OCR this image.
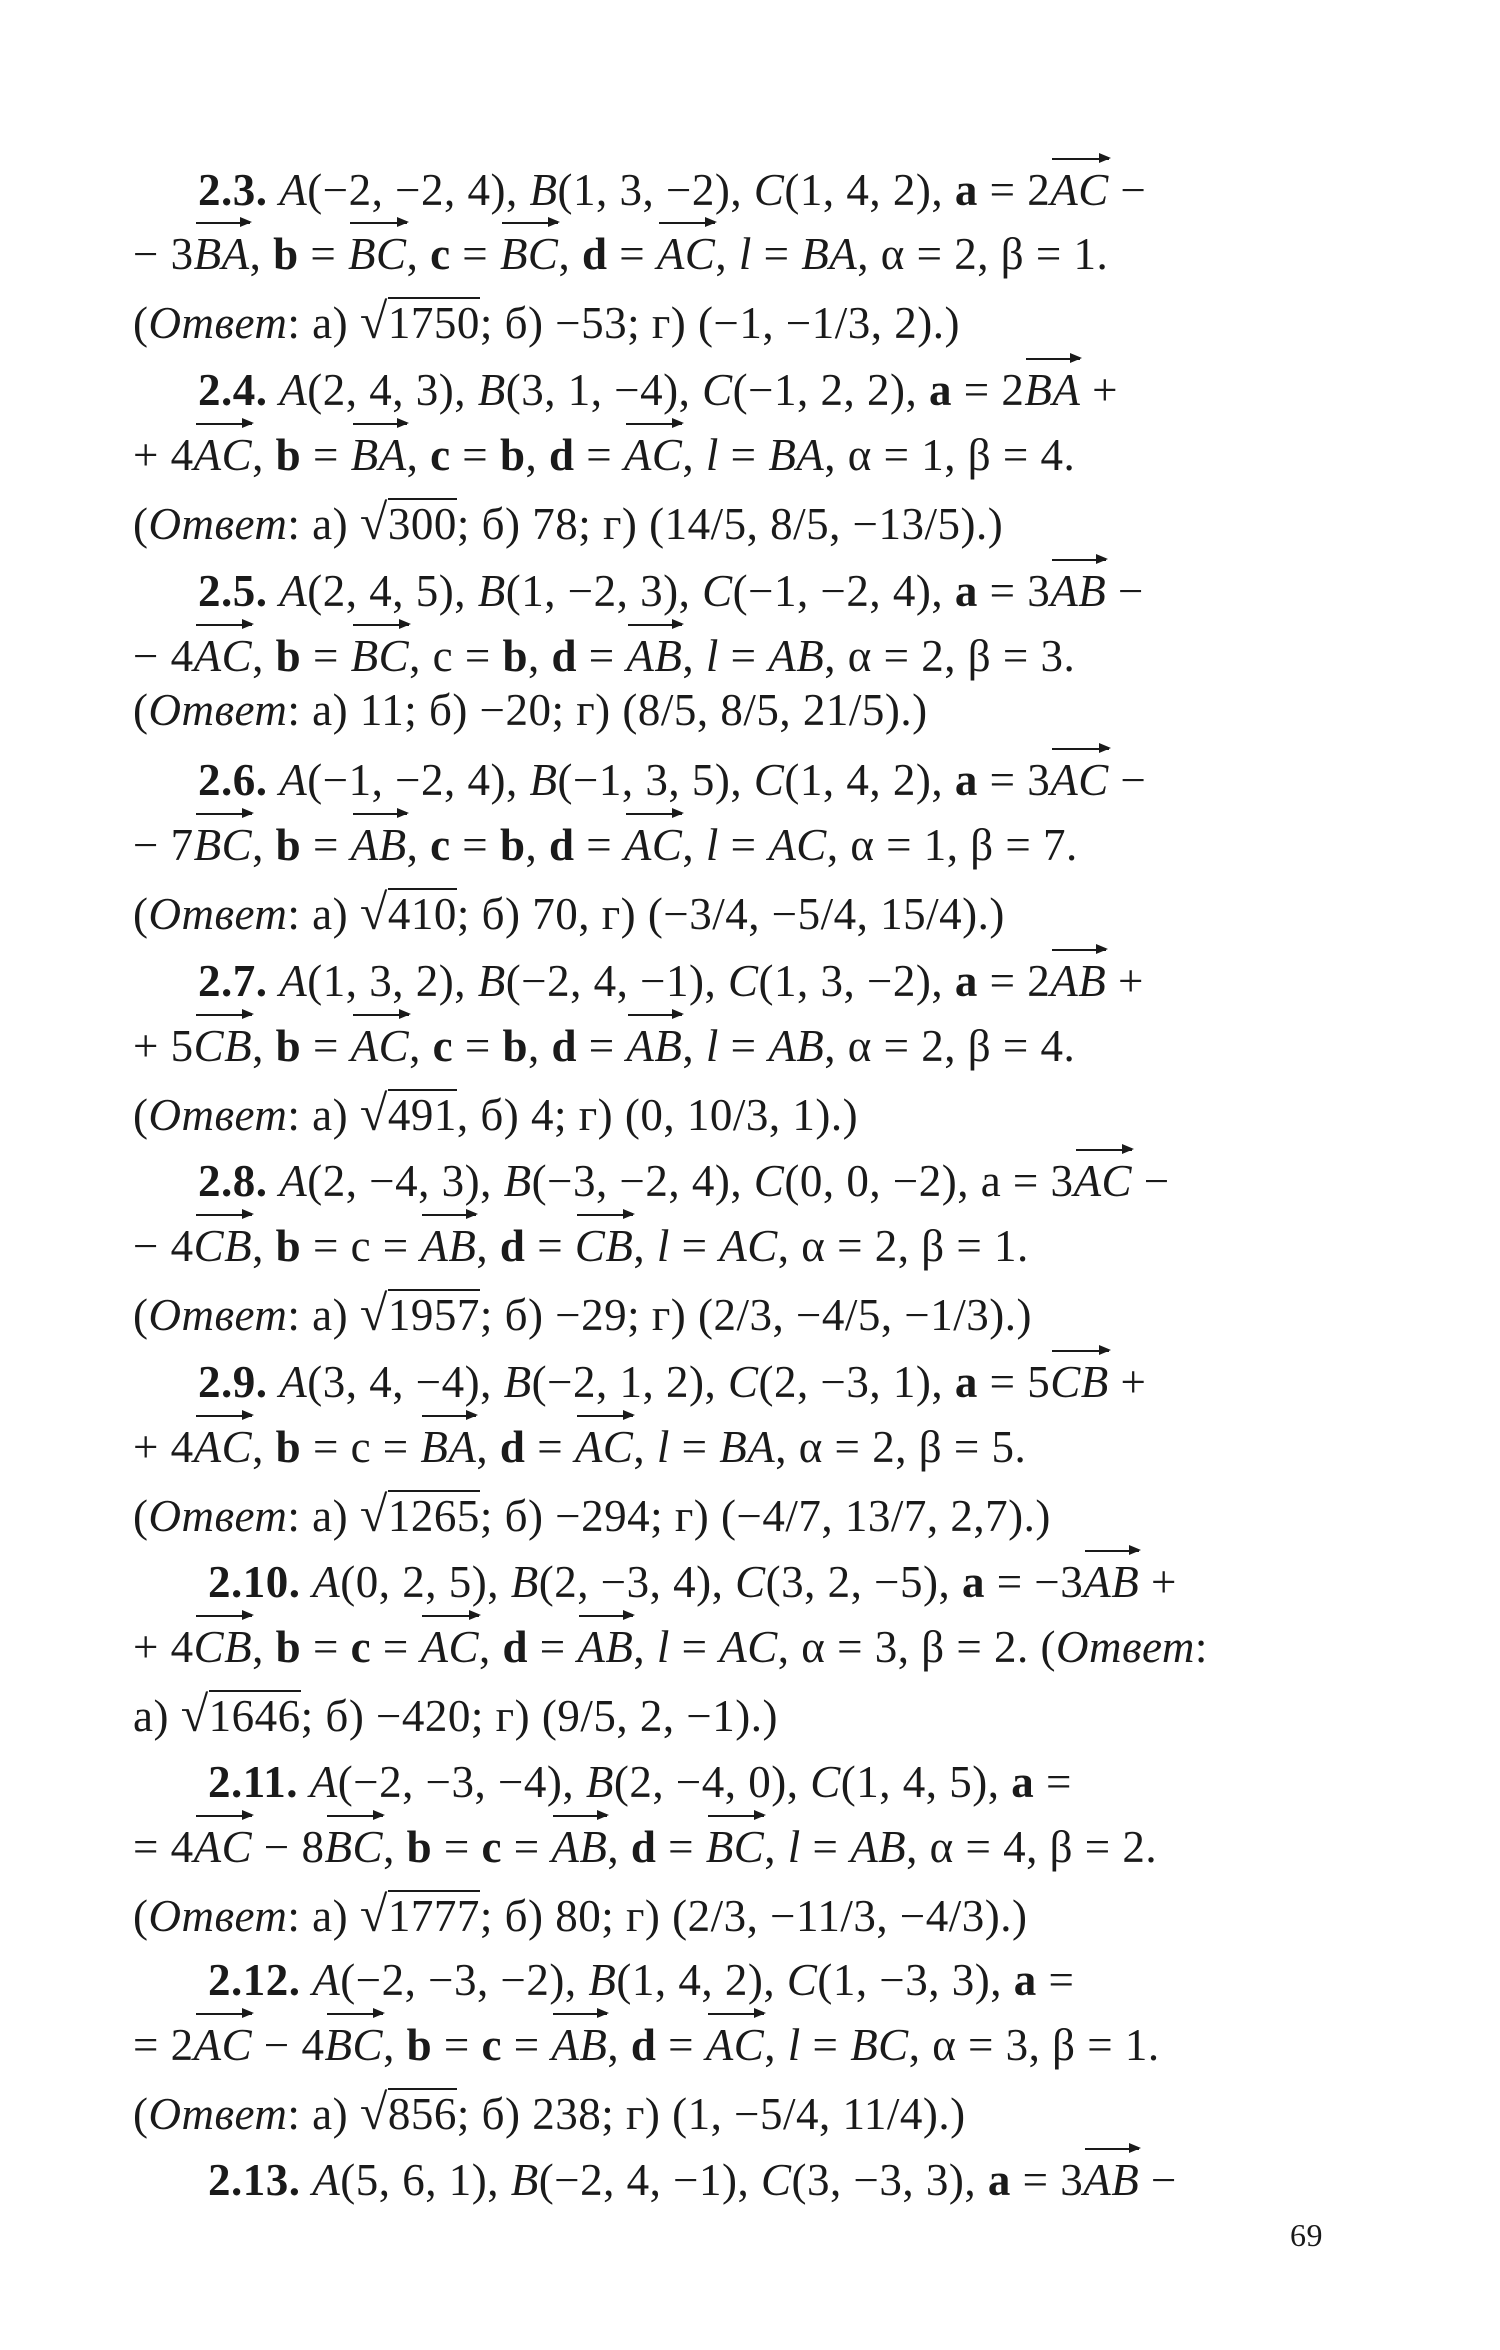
2.3. A(−2, −2, 4), B(1, 3, −2), C(1, 4, 2), a = 2AC −
− 3BA, b = BC, c = BC, d = AC, l = BA, α = 2, β = 1.
(Ответ: а) √1750; б) −53; г) (−1, −1/3, 2).)
2.4. A(2, 4, 3), B(3, 1, −4), C(−1, 2, 2), a = 2BA +
+ 4AC, b = BA, c = b, d = AC, l = BA, α = 1, β = 4.
(Ответ: а) √300; б) 78; г) (14/5, 8/5, −13/5).)
2.5. A(2, 4, 5), B(1, −2, 3), C(−1, −2, 4), a = 3AB −
− 4AC, b = BC, c = b, d = AB, l = AB, α = 2, β = 3.
(Ответ: а) 11; б) −20; г) (8/5, 8/5, 21/5).)
2.6. A(−1, −2, 4), B(−1, 3, 5), C(1, 4, 2), a = 3AC −
− 7BC, b = AB, c = b, d = AC, l = AC, α = 1, β = 7.
(Ответ: а) √410; б) 70, г) (−3/4, −5/4, 15/4).)
2.7. A(1, 3, 2), B(−2, 4, −1), C(1, 3, −2), a = 2AB +
+ 5CB, b = AC, c = b, d = AB, l = AB, α = 2, β = 4.
(Ответ: а) √491, б) 4; г) (0, 10/3, 1).)
2.8. A(2, −4, 3), B(−3, −2, 4), C(0, 0, −2), a = 3AC −
− 4CB, b = c = AB, d = CB, l = AC, α = 2, β = 1.
(Ответ: а) √1957; б) −29; г) (2/3, −4/5, −1/3).)
2.9. A(3, 4, −4), B(−2, 1, 2), C(2, −3, 1), a = 5CB +
+ 4AC, b = c = BA, d = AC, l = BA, α = 2, β = 5.
(Ответ: а) √1265; б) −294; г) (−4/7, 13/7, 2,7).)
2.10. A(0, 2, 5), B(2, −3, 4), C(3, 2, −5), a = −3AB +
+ 4CB, b = c = AC, d = AB, l = AC, α = 3, β = 2. (Ответ:
а) √1646; б) −420; г) (9/5, 2, −1).)
2.11. A(−2, −3, −4), B(2, −4, 0), C(1, 4, 5), a =
= 4AC − 8BC, b = c = AB, d = BC, l = AB, α = 4, β = 2.
(Ответ: а) √1777; б) 80; г) (2/3, −11/3, −4/3).)
2.12. A(−2, −3, −2), B(1, 4, 2), C(1, −3, 3), a =
= 2AC − 4BC, b = c = AB, d = AC, l = BC, α = 3, β = 1.
(Ответ: а) √856; б) 238; г) (1, −5/4, 11/4).)
2.13. A(5, 6, 1), B(−2, 4, −1), C(3, −3, 3), a = 3AB −
69
